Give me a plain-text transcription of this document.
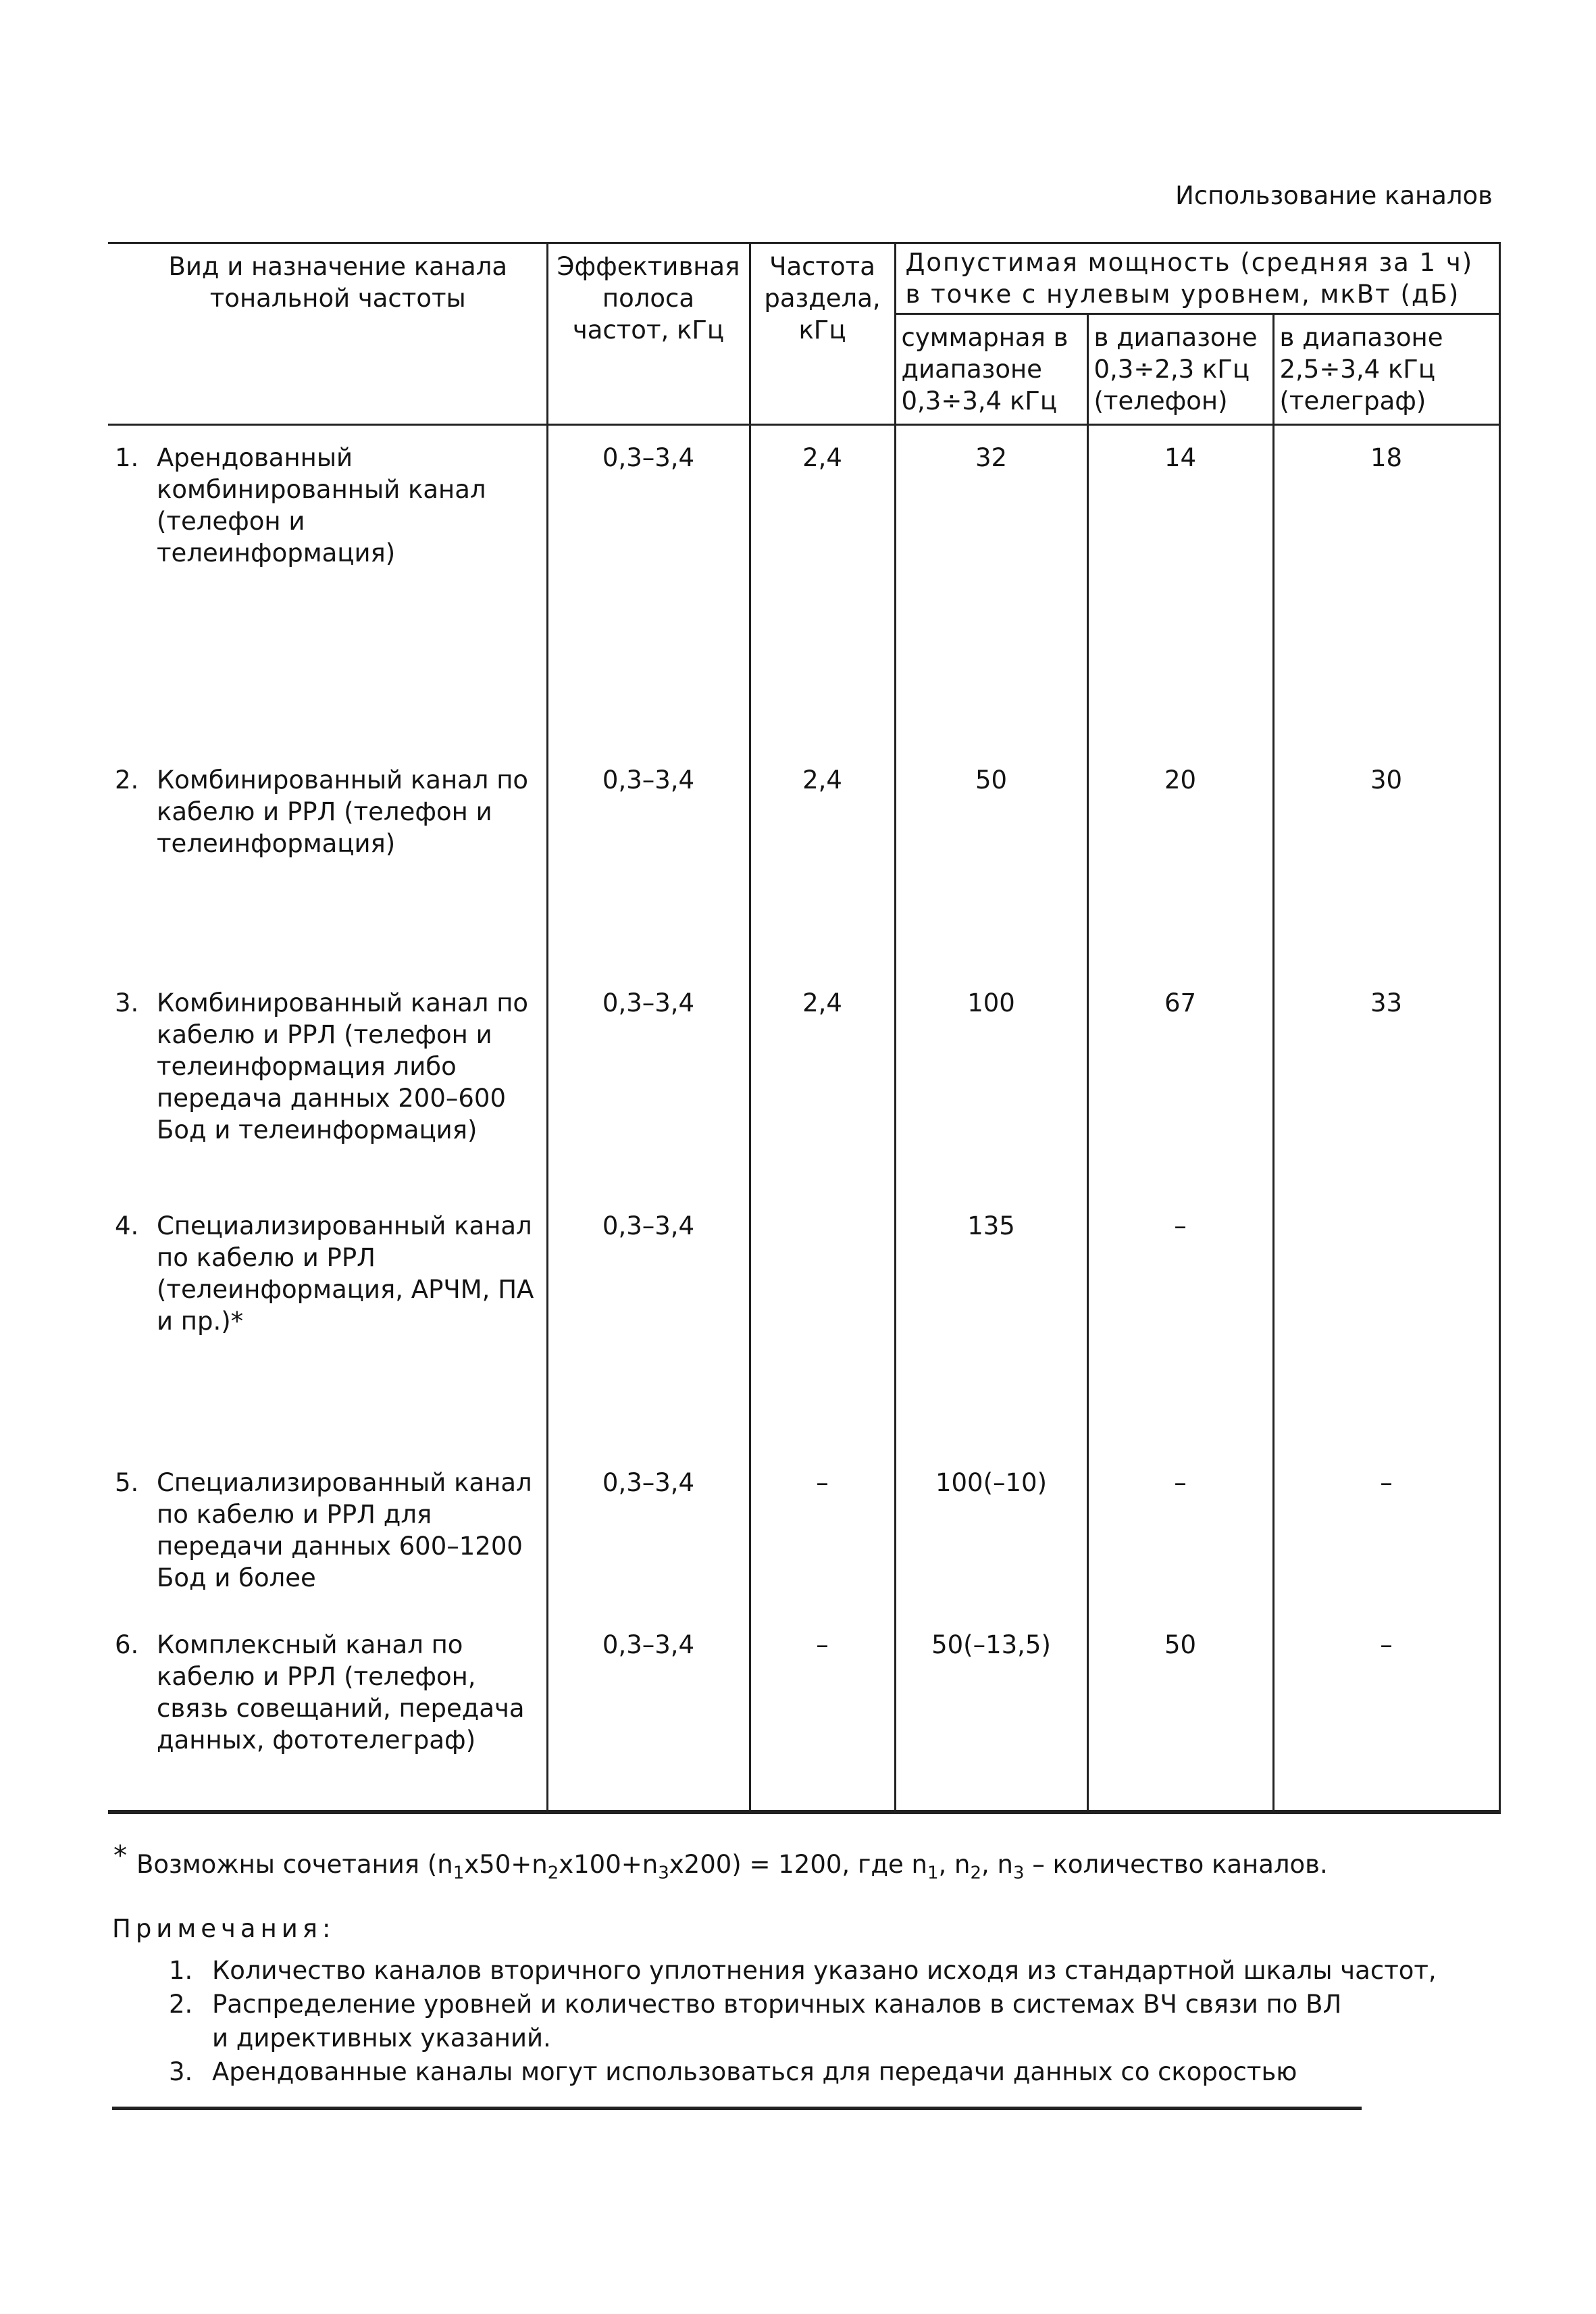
Использование каналов
Вид и назначение канала тональной частоты	Эффективная полоса частот, кГц	Частота раздела, кГц	Допустимая мощность (средняя за 1 ч) в точке с нулевым уровнем, мкВт (дБ)		
			суммарная в диапазоне 0,3÷3,4 кГц	в диапазоне 0,3÷2,3 кГц (телефон)	в диапазоне 2,5÷3,4 кГц (телеграф)

1. Арендованный комбинированный канал (телефон и телеинформация)	0,3–3,4	2,4	32	14	18

2. Комбинированный канал по кабелю и РРЛ (телефон и телеинформация)	0,3–3,4	2,4	50	20	30

3. Комбинированный канал по кабелю и РРЛ (телефон и телеинформация либо передача данных 200–600 Бод и телеинформация)	0,3–3,4	2,4	100	67	33

4. Специализированный канал по кабелю и РРЛ (телеинформация, АРЧМ, ПА и пр.)*	0,3–3,4		135	–	

5. Специализированный канал по кабелю и РРЛ для передачи данных 600–1200 Бод и более	0,3–3,4	–	100(–10)	–	–

6. Комплексный канал по кабелю и РРЛ (телефон, связь совещаний, передача данных, фототелеграф)	0,3–3,4	–	50(–13,5)	50	–
* Возможны сочетания $(n_1x50+n_2x100+n_3x200) = 1200$, где $n_1$, $n_2$, $n_3$ – количество каналов.
Примечания:
1. Количество каналов вторичного уплотнения указано исходя из стандартной шкалы частот,
2. Распределение уровней и количество вторичных каналов в системах ВЧ связи по ВЛ
и директивных указаний.
3. Арендованные каналы могут использоваться для передачи данных со скоростью
